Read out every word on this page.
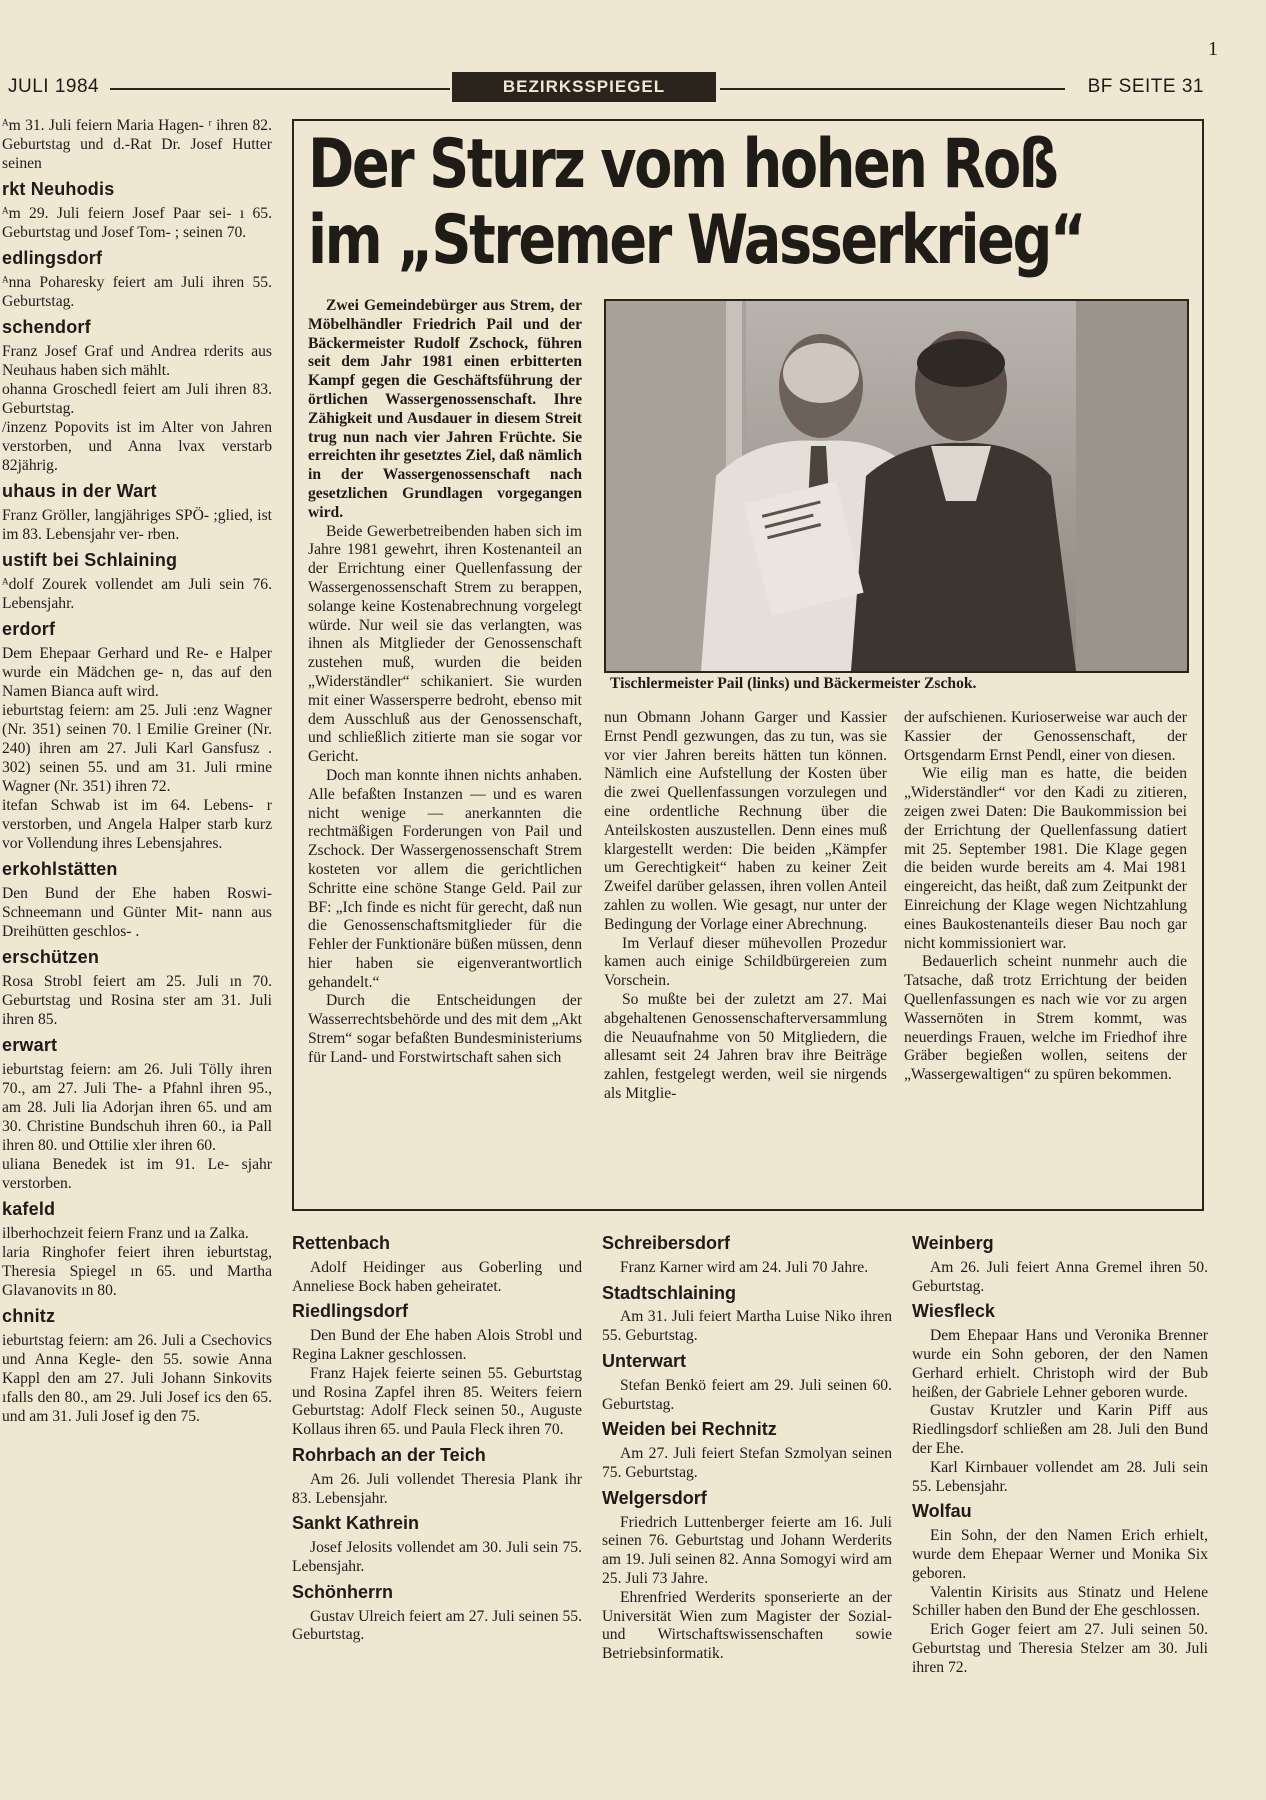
1
JULI 1984	BEZIRKSSPIEGEL	BF SEITE 31

ᴬm 31. Juli feiern Maria Hagen- ʳ ihren 82. Geburtstag und d.-Rat Dr. Josef Hutter seinen

rkt Neuhodis

ᴬm 29. Juli feiern Josef Paar sei- ı 65. Geburtstag und Josef Tom- ; seinen 70.

edlingsdorf

ᴬnna Poharesky feiert am Juli ihren 55. Geburtstag.

schendorf

Franz Josef Graf und Andrea rderits aus Neuhaus haben sich mählt.

ohanna Groschedl feiert am Juli ihren 83. Geburtstag.

/inzenz Popovits ist im Alter von Jahren verstorben, und Anna lvax verstarb 82jährig.

uhaus in der Wart

Franz Gröller, langjähriges SPÖ- ;glied, ist im 83. Lebensjahr ver- rben.

ustift bei Schlaining

ᴬdolf Zourek vollendet am Juli sein 76. Lebensjahr.

erdorf

Dem Ehepaar Gerhard und Re- e Halper wurde ein Mädchen ge- n, das auf den Namen Bianca auft wird.

ieburtstag feiern: am 25. Juli :enz Wagner (Nr. 351) seinen 70. l Emilie Greiner (Nr. 240) ihren am 27. Juli Karl Gansfusz . 302) seinen 55. und am 31. Juli rmine Wagner (Nr. 351) ihren 72.

itefan Schwab ist im 64. Lebens- r verstorben, und Angela Halper starb kurz vor Vollendung ihres Lebensjahres.

erkohlstätten

Den Bund der Ehe haben Roswi- Schneemann und Günter Mit- nann aus Dreihütten geschlos- .

erschützen

Rosa Strobl feiert am 25. Juli ın 70. Geburtstag und Rosina ster am 31. Juli ihren 85.

erwart

ieburtstag feiern: am 26. Juli Tölly ihren 70., am 27. Juli The- a Pfahnl ihren 95., am 28. Juli lia Adorjan ihren 65. und am 30. Christine Bundschuh ihren 60., ia Pall ihren 80. und Ottilie xler ihren 60.

uliana Benedek ist im 91. Le- sjahr verstorben.

kafeld

ilberhochzeit feiern Franz und ıa Zalka.

laria Ringhofer feiert ihren ieburtstag, Theresia Spiegel ın 65. und Martha Glavanovits ın 80.

chnitz

ieburtstag feiern: am 26. Juli a Csechovics und Anna Kegle- den 55. sowie Anna Kappl den am 27. Juli Johann Sinkovits ıfalls den 80., am 29. Juli Josef ics den 65. und am 31. Juli Josef ig den 75.

Der Sturz vom hohen Roß
im „Stremer Wasserkrieg“

Zwei Gemeindebürger aus Strem, der Möbelhändler Friedrich Pail und der Bäckermeister Rudolf Zschock, führen seit dem Jahr 1981 einen erbitterten Kampf gegen die Geschäftsführung der örtlichen Wassergenossenschaft. Ihre Zähigkeit und Ausdauer in diesem Streit trug nun nach vier Jahren Früchte. Sie erreichten ihr gesetztes Ziel, daß nämlich in der Wassergenossenschaft nach gesetzlichen Grundlagen vorgegangen wird.

Beide Gewerbetreibenden haben sich im Jahre 1981 gewehrt, ihren Kostenanteil an der Errichtung einer Quellenfassung der Wassergenossenschaft Strem zu berappen, solange keine Kostenabrechnung vorgelegt würde. Nur weil sie das verlangten, was ihnen als Mitglieder der Genossenschaft zustehen muß, wurden die beiden „Widerständler“ schikaniert. Sie wurden mit einer Wassersperre bedroht, ebenso mit dem Ausschluß aus der Genossenschaft, und schließlich zitierte man sie sogar vor Gericht.

Doch man konnte ihnen nichts anhaben. Alle befaßten Instanzen — und es waren nicht wenige — anerkannten die rechtmäßigen Forderungen von Pail und Zschock. Der Wassergenossenschaft Strem kosteten vor allem die gerichtlichen Schritte eine schöne Stange Geld. Pail zur BF: „Ich finde es nicht für gerecht, daß nun die Genossenschaftsmitglieder für die Fehler der Funktionäre büßen müssen, denn hier haben sie eigenverantwortlich gehandelt.“

Durch die Entscheidungen der Wasserrechtsbehörde und des mit dem „Akt Strem“ sogar befaßten Bundesministeriums für Land- und Forstwirtschaft sahen sich

Tischlermeister Pail (links) und Bäckermeister Zschok.

nun Obmann Johann Garger und Kassier Ernst Pendl gezwungen, das zu tun, was sie vor vier Jahren bereits hätten tun können. Nämlich eine Aufstellung der Kosten über die zwei Quellenfassungen vorzulegen und eine ordentliche Rechnung über die Anteilskosten auszustellen. Denn eines muß klargestellt werden: Die beiden „Kämpfer um Gerechtigkeit“ haben zu keiner Zeit Zweifel darüber gelassen, ihren vollen Anteil zahlen zu wollen. Wie gesagt, nur unter der Bedingung der Vorlage einer Abrechnung.

Im Verlauf dieser mühevollen Prozedur kamen auch einige Schildbürgereien zum Vorschein.

So mußte bei der zuletzt am 27. Mai abgehaltenen Genossenschafterversammlung die Neuaufnahme von 50 Mitgliedern, die allesamt seit 24 Jahren brav ihre Beiträge zahlen, festgelegt werden, weil sie nirgends als Mitglie-

der aufschienen. Kurioserweise war auch der Kassier der Genossenschaft, der Ortsgendarm Ernst Pendl, einer von diesen.

Wie eilig man es hatte, die beiden „Widerständler“ vor den Kadi zu zitieren, zeigen zwei Daten: Die Baukommission bei der Errichtung der Quellenfassung datiert mit 25. September 1981. Die Klage gegen die beiden wurde bereits am 4. Mai 1981 eingereicht, das heißt, daß zum Zeitpunkt der Einreichung der Klage wegen Nichtzahlung eines Baukostenanteils dieser Bau noch gar nicht kommissioniert war.

Bedauerlich scheint nunmehr auch die Tatsache, daß trotz Errichtung der beiden Quellenfassungen es nach wie vor zu argen Wassernöten in Strem kommt, was neuerdings Frauen, welche im Friedhof ihre Gräber begießen wollen, seitens der „Wassergewaltigen“ zu spüren bekommen.

Rettenbach

Adolf Heidinger aus Goberling und Anneliese Bock haben geheiratet.

Riedlingsdorf

Den Bund der Ehe haben Alois Strobl und Regina Lakner geschlossen.

Franz Hajek feierte seinen 55. Geburtstag und Rosina Zapfel ihren 85. Weiters feiern Geburtstag: Adolf Fleck seinen 50., Auguste Kollaus ihren 65. und Paula Fleck ihren 70.

Rohrbach an der Teich

Am 26. Juli vollendet Theresia Plank ihr 83. Lebensjahr.

Sankt Kathrein

Josef Jelosits vollendet am 30. Juli sein 75. Lebensjahr.

Schönherrn

Gustav Ulreich feiert am 27. Juli seinen 55. Geburtstag.

Schreibersdorf

Franz Karner wird am 24. Juli 70 Jahre.

Stadtschlaining

Am 31. Juli feiert Martha Luise Niko ihren 55. Geburtstag.

Unterwart

Stefan Benkö feiert am 29. Juli seinen 60. Geburtstag.

Weiden bei Rechnitz

Am 27. Juli feiert Stefan Szmolyan seinen 75. Geburtstag.

Welgersdorf

Friedrich Luttenberger feierte am 16. Juli seinen 76. Geburtstag und Johann Werderits am 19. Juli seinen 82. Anna Somogyi wird am 25. Juli 73 Jahre.

Ehrenfried Werderits sponserierte an der Universität Wien zum Magister der Sozial- und Wirtschaftswissenschaften sowie Betriebsinformatik.

Weinberg

Am 26. Juli feiert Anna Gremel ihren 50. Geburtstag.

Wiesfleck

Dem Ehepaar Hans und Veronika Brenner wurde ein Sohn geboren, der den Namen Gerhard erhielt. Christoph wird der Bub heißen, der Gabriele Lehner geboren wurde.

Gustav Krutzler und Karin Piff aus Riedlingsdorf schließen am 28. Juli den Bund der Ehe.

Karl Kirnbauer vollendet am 28. Juli sein 55. Lebensjahr.

Wolfau

Ein Sohn, der den Namen Erich erhielt, wurde dem Ehepaar Werner und Monika Six geboren.

Valentin Kirisits aus Stinatz und Helene Schiller haben den Bund der Ehe geschlossen.

Erich Goger feiert am 27. Juli seinen 50. Geburtstag und Theresia Stelzer am 30. Juli ihren 72.
